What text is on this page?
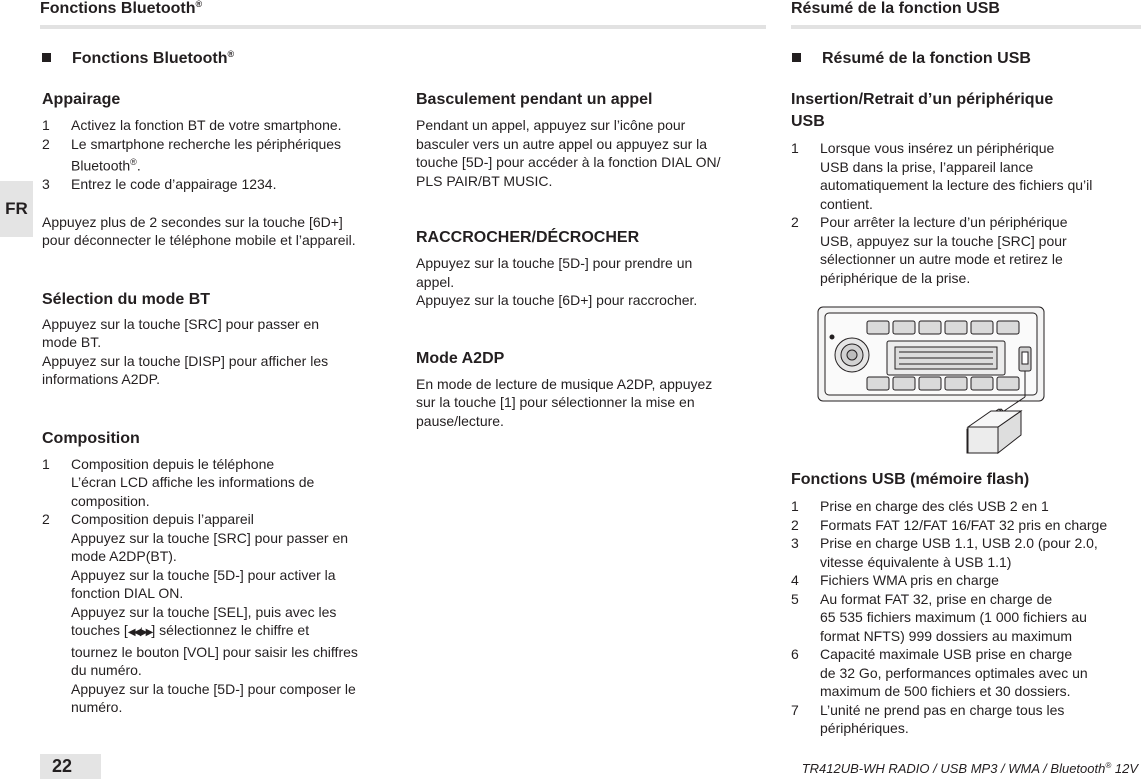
Fonctions Bluetooth®	Résumé de la fonction USB
FR
Fonctions Bluetooth®	Résumé de la fonction USB
Appairage
1 Activez la fonction BT de votre smartphone.
2 Le smartphone recherche les périphériques
Bluetooth®.
3 Entrez le code d’appairage 1234.

Appuyez plus de 2 secondes sur la touche [6D+]

pour déconnecter le téléphone mobile et l’appareil.

Sélection du mode BT

Appuyez sur la touche [SRC] pour passer en

mode BT.

Appuyez sur la touche [DISP] pour afficher les

informations A2DP.

Composition
1 Composition depuis le téléphone
L’écran LCD affiche les informations de
composition.
2 Composition depuis l’appareil
Appuyez sur la touche [SRC] pour passer en
mode A2DP(BT).
Appuyez sur la touche [5D-] pour activer la
fonction DIAL ON.
Appuyez sur la touche [SEL], puis avec les
touches [◀◀/▶▶] sélectionnez le chiffre et
tournez le bouton [VOL] pour saisir les chiffres
du numéro.
Appuyez sur la touche [5D-] pour composer le
numéro.
Basculement pendant un appel

Pendant un appel, appuyez sur l’icône pour

basculer vers un autre appel ou appuyez sur la

touche [5D-] pour accéder à la fonction DIAL ON/

PLS PAIR/BT MUSIC.

RACCROCHER/DÉCROCHER

Appuyez sur la touche [5D-] pour prendre un

appel.

Appuyez sur la touche [6D+] pour raccrocher.

Mode A2DP

En mode de lecture de musique A2DP, appuyez

sur la touche [1] pour sélectionner la mise en

pause/lecture.

Insertion/Retrait d’un périphérique
USB
1 Lorsque vous insérez un périphérique
USB dans la prise, l’appareil lance
automatiquement la lecture des fichiers qu’il
contient.
2 Pour arrêter la lecture d’un périphérique
USB, appuyez sur la touche [SRC] pour
sélectionner un autre mode et retirez le
périphérique de la prise.
Fonctions USB (mémoire flash)
1 Prise en charge des clés USB 2 en 1
2 Formats FAT 12/FAT 16/FAT 32 pris en charge
3 Prise en charge USB 1.1, USB 2.0 (pour 2.0,
vitesse équivalente à USB 1.1)
4 Fichiers WMA pris en charge
5 Au format FAT 32, prise en charge de
65 535 fichiers maximum (1 000 fichiers au
format NFTS) 999 dossiers au maximum
6 Capacité maximale USB prise en charge
de 32 Go, performances optimales avec un
maximum de 500 fichiers et 30 dossiers.
7 L’unité ne prend pas en charge tous les
périphériques.
22	TR412UB-WH RADIO / USB MP3 / WMA / Bluetooth® 12V
